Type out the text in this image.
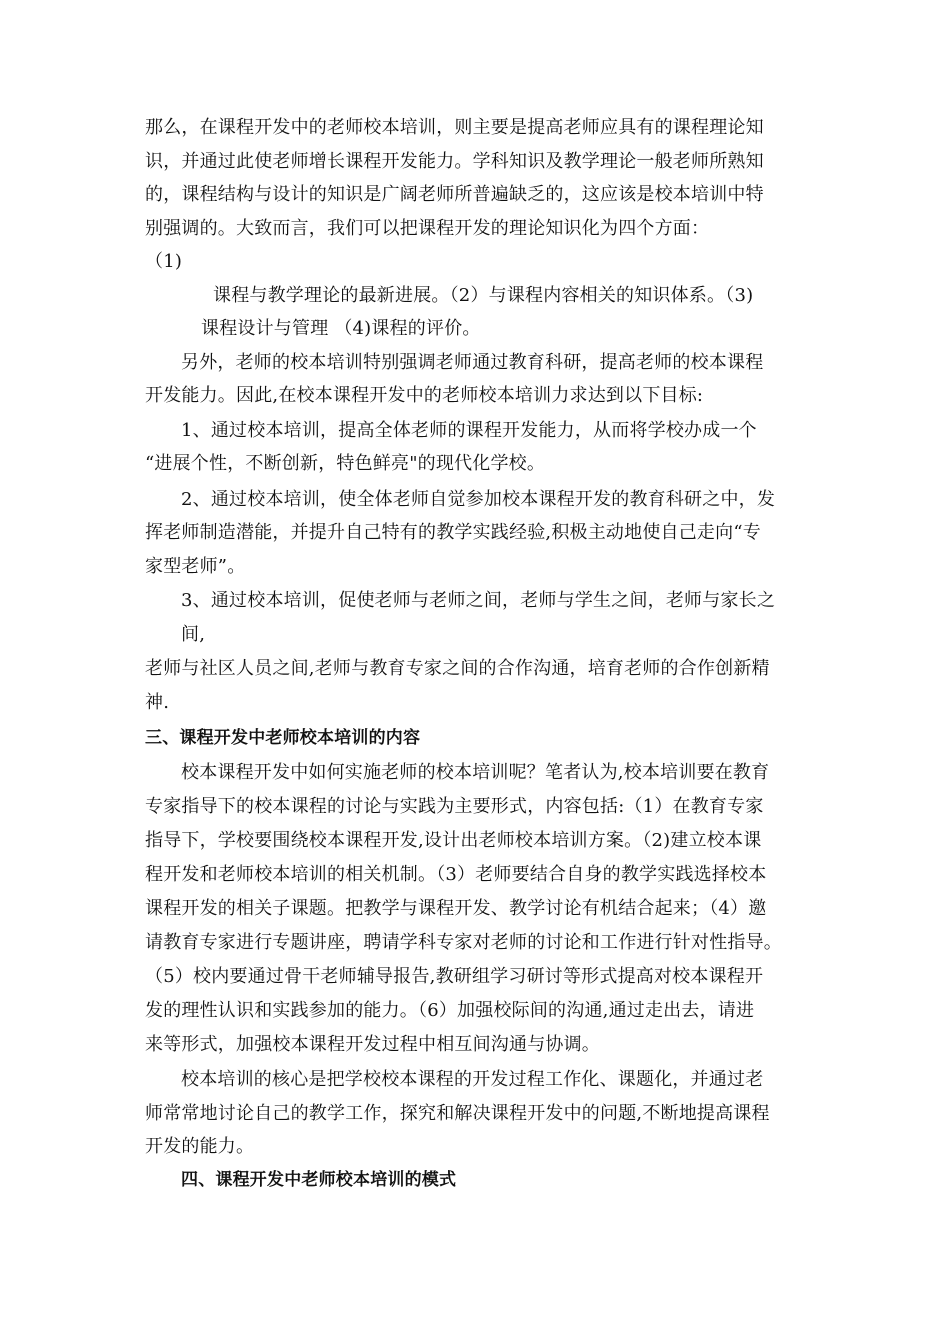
那么，在课程开发中的老师校本培训，则主要是提高老师应具有的课程理论知
识，并通过此使老师增长课程开发能力。学科知识及教学理论一般老师所熟知
的，课程结构与设计的知识是广阔老师所普遍缺乏的，这应该是校本培训中特
别强调的。大致而言，我们可以把课程开发的理论知识化为四个方面：
（1)
课程与教学理论的最新进展。（2）与课程内容相关的知识体系。（3)
课程设计与管理 （4)课程的评价。
另外，老师的校本培训特别强调老师通过教育科研，提高老师的校本课程
开发能力。因此,在校本课程开发中的老师校本培训力求达到以下目标:
1、通过校本培训，提高全体老师的课程开发能力，从而将学校办成一个
“进展个性，不断创新，特色鲜亮"的现代化学校。
2、通过校本培训，使全体老师自觉参加校本课程开发的教育科研之中，发
挥老师制造潜能，并提升自己特有的教学实践经验,积极主动地使自己走向“专
家型老师”。
3、通过校本培训，促使老师与老师之间，老师与学生之间，老师与家长之
间,
老师与社区人员之间,老师与教育专家之间的合作沟通，培育老师的合作创新精
神.
三、课程开发中老师校本培训的内容
校本课程开发中如何实施老师的校本培训呢？笔者认为,校本培训要在教育
专家指导下的校本课程的讨论与实践为主要形式，内容包括:（1）在教育专家
指导下，学校要围绕校本课程开发,设计出老师校本培训方案。（2)建立校本课
程开发和老师校本培训的相关机制。（3）老师要结合自身的教学实践选择校本
课程开发的相关子课题。把教学与课程开发、教学讨论有机结合起来；（4）邀
请教育专家进行专题讲座，聘请学科专家对老师的讨论和工作进行针对性指导。
（5）校内要通过骨干老师辅导报告,教研组学习研讨等形式提高对校本课程开
发的理性认识和实践参加的能力。（6）加强校际间的沟通,通过走出去，请进
来等形式，加强校本课程开发过程中相互间沟通与协调。
校本培训的核心是把学校校本课程的开发过程工作化、课题化，并通过老
师常常地讨论自己的教学工作，探究和解决课程开发中的问题,不断地提高课程
开发的能力。
四、课程开发中老师校本培训的模式
